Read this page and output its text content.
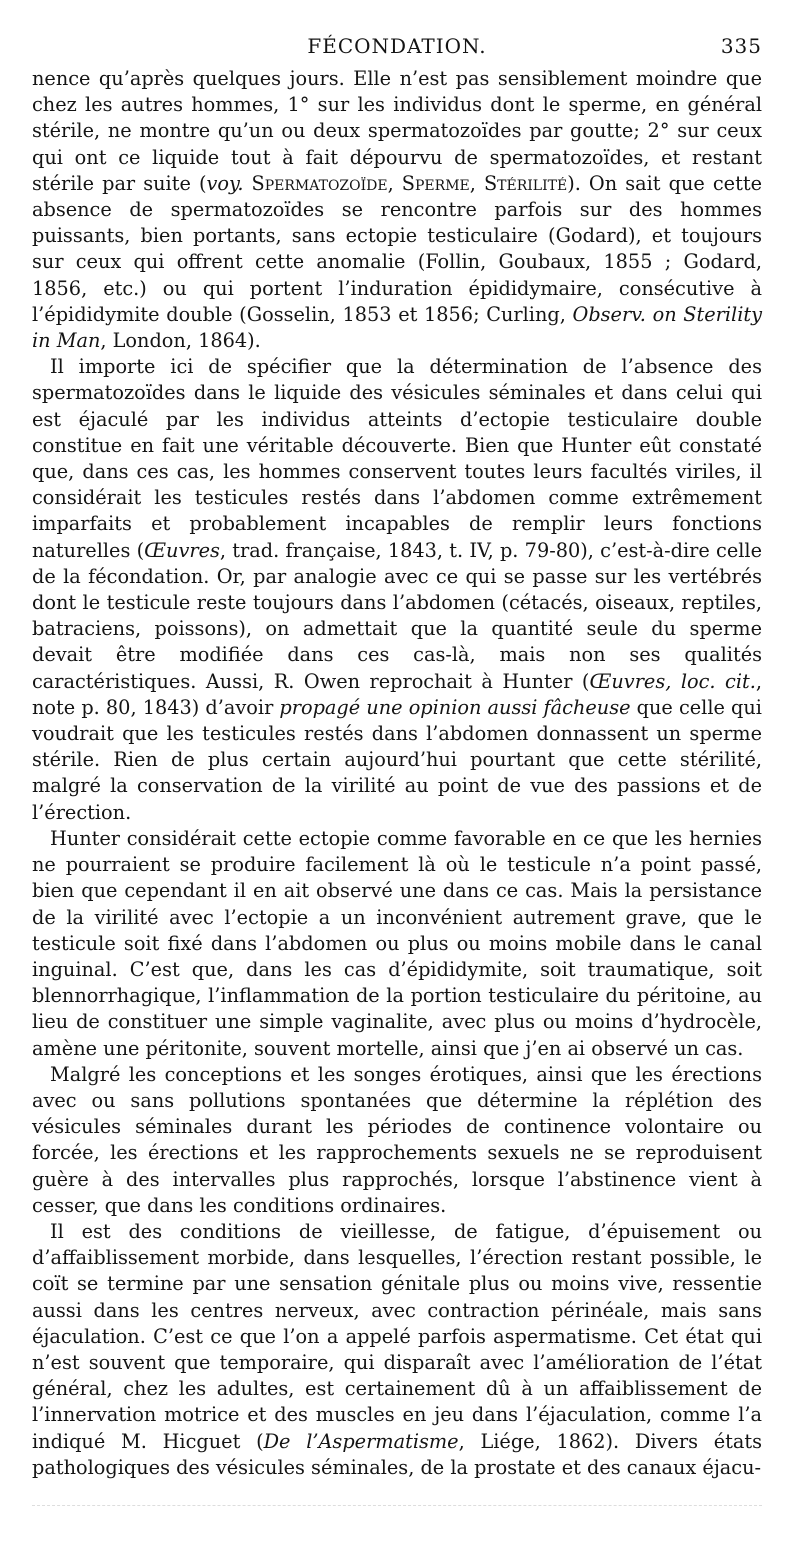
FÉCONDATION.	335

nence qu’après quelques jours. Elle n’est pas sensiblement moindre que chez les autres hommes, 1° sur les individus dont le sperme, en général stérile, ne montre qu’un ou deux spermatozoïdes par goutte; 2° sur ceux qui ont ce liquide tout à fait dépourvu de spermatozoïdes, et restant stérile par suite (voy. Spermatozoïde, Sperme, Stérilité). On sait que cette absence de spermatozoïdes se rencontre parfois sur des hommes puissants, bien portants, sans ectopie testiculaire (Godard), et toujours sur ceux qui offrent cette anomalie (Follin, Goubaux, 1855 ; Godard, 1856, etc.) ou qui portent l’induration épididymaire, consécutive à l’épididymite double (Gosselin, 1853 et 1856; Curling, Observ. on Sterility in Man, London, 1864).

Il importe ici de spécifier que la détermination de l’absence des spermatozoïdes dans le liquide des vésicules séminales et dans celui qui est éjaculé par les individus atteints d’ectopie testiculaire double constitue en fait une véritable découverte. Bien que Hunter eût constaté que, dans ces cas, les hommes conservent toutes leurs facultés viriles, il considérait les testicules restés dans l’abdomen comme extrêmement imparfaits et probablement incapables de remplir leurs fonctions naturelles (Œuvres, trad. française, 1843, t. IV, p. 79-80), c’est-à-dire celle de la fécondation. Or, par analogie avec ce qui se passe sur les vertébrés dont le testicule reste toujours dans l’abdomen (cétacés, oiseaux, reptiles, batraciens, poissons), on admettait que la quantité seule du sperme devait être modifiée dans ces cas-là, mais non ses qualités caractéristiques. Aussi, R. Owen reprochait à Hunter (Œuvres, loc. cit., note p. 80, 1843) d’avoir propagé une opinion aussi fâcheuse que celle qui voudrait que les testicules restés dans l’abdomen donnassent un sperme stérile. Rien de plus certain aujourd’hui pourtant que cette stérilité, malgré la conservation de la virilité au point de vue des passions et de l’érection.

Hunter considérait cette ectopie comme favorable en ce que les hernies ne pourraient se produire facilement là où le testicule n’a point passé, bien que cependant il en ait observé une dans ce cas. Mais la persistance de la virilité avec l’ectopie a un inconvénient autrement grave, que le testicule soit fixé dans l’abdomen ou plus ou moins mobile dans le canal inguinal. C’est que, dans les cas d’épididymite, soit traumatique, soit blennorrhagique, l’inflammation de la portion testiculaire du péritoine, au lieu de constituer une simple vaginalite, avec plus ou moins d’hydrocèle, amène une péritonite, souvent mortelle, ainsi que j’en ai observé un cas.

Malgré les conceptions et les songes érotiques, ainsi que les érections avec ou sans pollutions spontanées que détermine la réplétion des vésicules séminales durant les périodes de continence volontaire ou forcée, les érections et les rapprochements sexuels ne se reproduisent guère à des intervalles plus rapprochés, lorsque l’abstinence vient à cesser, que dans les conditions ordinaires.

Il est des conditions de vieillesse, de fatigue, d’épuisement ou d’affaiblissement morbide, dans lesquelles, l’érection restant possible, le coït se termine par une sensation génitale plus ou moins vive, ressentie aussi dans les centres nerveux, avec contraction périnéale, mais sans éjaculation. C’est ce que l’on a appelé parfois aspermatisme. Cet état qui n’est souvent que temporaire, qui disparaît avec l’amélioration de l’état général, chez les adultes, est certainement dû à un affaiblissement de l’innervation motrice et des muscles en jeu dans l’éjaculation, comme l’a indiqué M. Hicguet (De l’Aspermatisme, Liége, 1862). Divers états pathologiques des vésicules séminales, de la prostate et des canaux éjacu-
